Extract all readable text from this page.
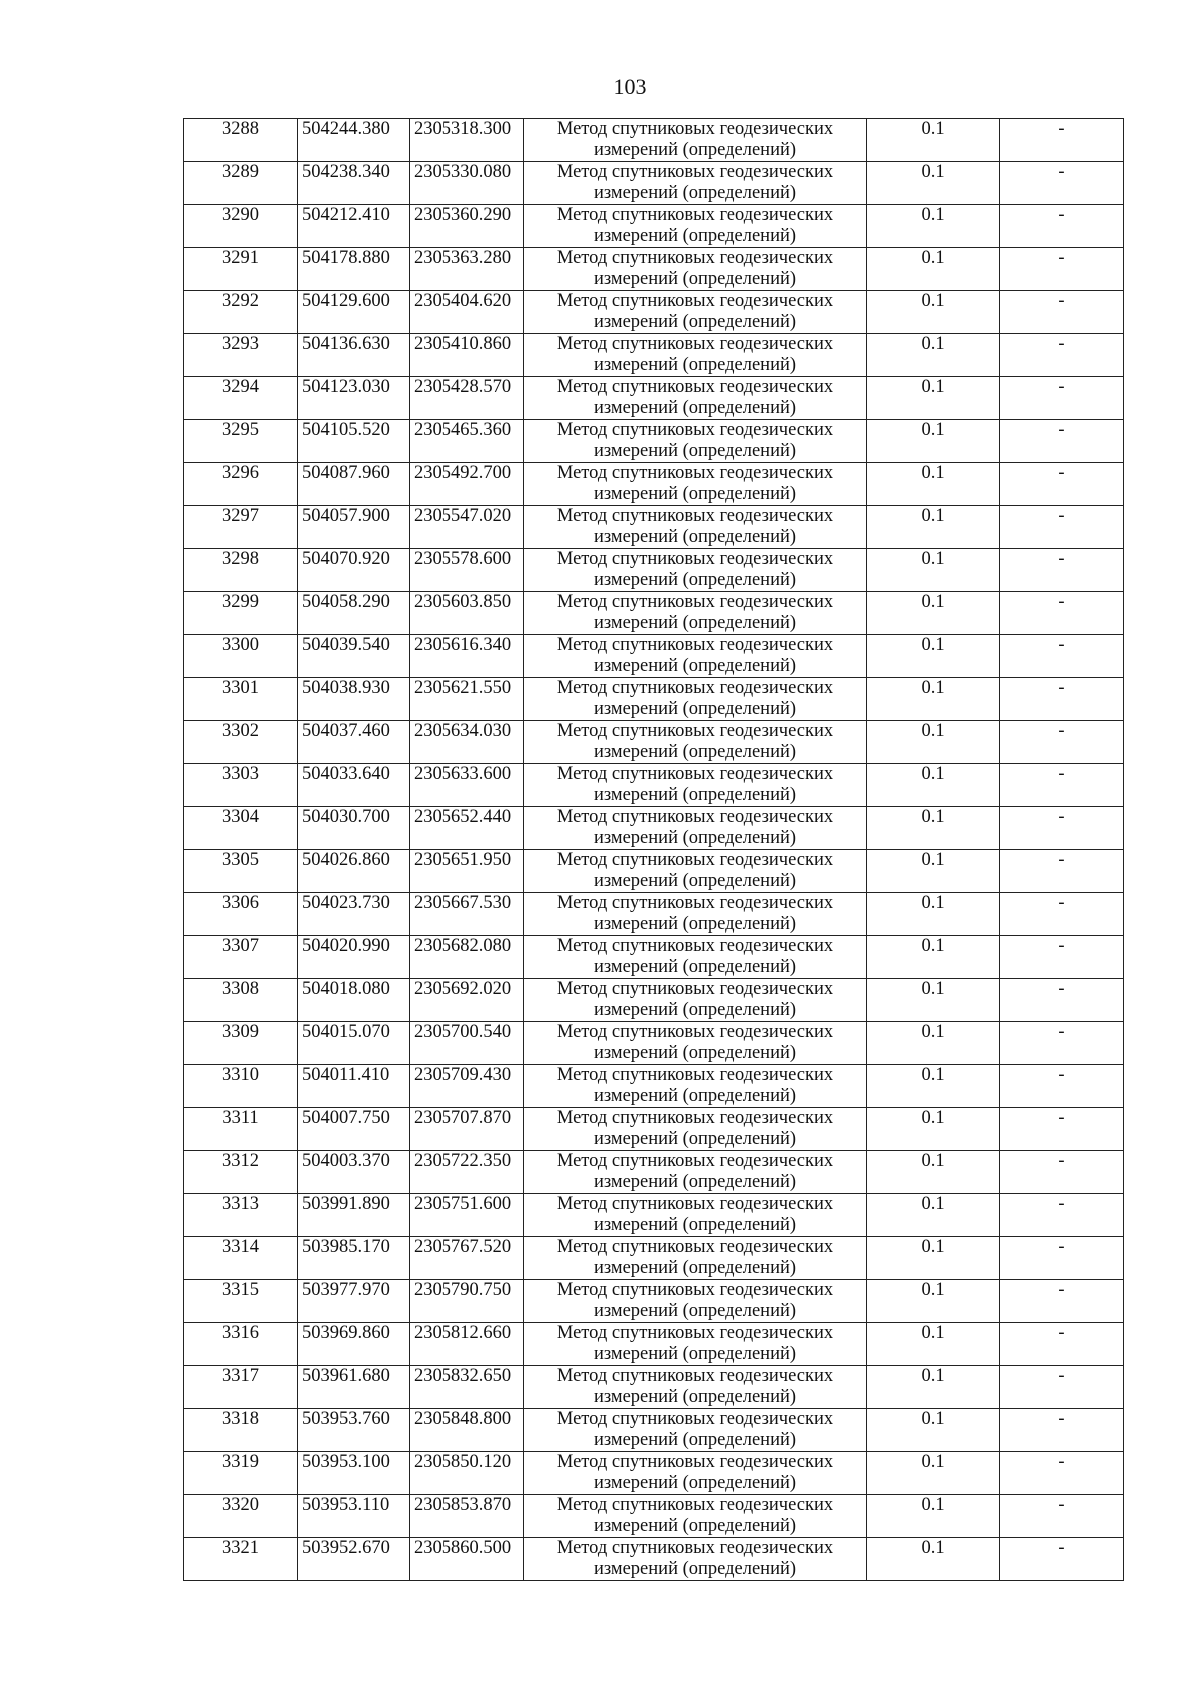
103
3288	504244.380	2305318.300	Метод спутниковых геодезических
измерений (определений)	0.1	-
3289	504238.340	2305330.080	Метод спутниковых геодезических
измерений (определений)	0.1	-
3290	504212.410	2305360.290	Метод спутниковых геодезических
измерений (определений)	0.1	-
3291	504178.880	2305363.280	Метод спутниковых геодезических
измерений (определений)	0.1	-
3292	504129.600	2305404.620	Метод спутниковых геодезических
измерений (определений)	0.1	-
3293	504136.630	2305410.860	Метод спутниковых геодезических
измерений (определений)	0.1	-
3294	504123.030	2305428.570	Метод спутниковых геодезических
измерений (определений)	0.1	-
3295	504105.520	2305465.360	Метод спутниковых геодезических
измерений (определений)	0.1	-
3296	504087.960	2305492.700	Метод спутниковых геодезических
измерений (определений)	0.1	-
3297	504057.900	2305547.020	Метод спутниковых геодезических
измерений (определений)	0.1	-
3298	504070.920	2305578.600	Метод спутниковых геодезических
измерений (определений)	0.1	-
3299	504058.290	2305603.850	Метод спутниковых геодезических
измерений (определений)	0.1	-
3300	504039.540	2305616.340	Метод спутниковых геодезических
измерений (определений)	0.1	-
3301	504038.930	2305621.550	Метод спутниковых геодезических
измерений (определений)	0.1	-
3302	504037.460	2305634.030	Метод спутниковых геодезических
измерений (определений)	0.1	-
3303	504033.640	2305633.600	Метод спутниковых геодезических
измерений (определений)	0.1	-
3304	504030.700	2305652.440	Метод спутниковых геодезических
измерений (определений)	0.1	-
3305	504026.860	2305651.950	Метод спутниковых геодезических
измерений (определений)	0.1	-
3306	504023.730	2305667.530	Метод спутниковых геодезических
измерений (определений)	0.1	-
3307	504020.990	2305682.080	Метод спутниковых геодезических
измерений (определений)	0.1	-
3308	504018.080	2305692.020	Метод спутниковых геодезических
измерений (определений)	0.1	-
3309	504015.070	2305700.540	Метод спутниковых геодезических
измерений (определений)	0.1	-
3310	504011.410	2305709.430	Метод спутниковых геодезических
измерений (определений)	0.1	-
3311	504007.750	2305707.870	Метод спутниковых геодезических
измерений (определений)	0.1	-
3312	504003.370	2305722.350	Метод спутниковых геодезических
измерений (определений)	0.1	-
3313	503991.890	2305751.600	Метод спутниковых геодезических
измерений (определений)	0.1	-
3314	503985.170	2305767.520	Метод спутниковых геодезических
измерений (определений)	0.1	-
3315	503977.970	2305790.750	Метод спутниковых геодезических
измерений (определений)	0.1	-
3316	503969.860	2305812.660	Метод спутниковых геодезических
измерений (определений)	0.1	-
3317	503961.680	2305832.650	Метод спутниковых геодезических
измерений (определений)	0.1	-
3318	503953.760	2305848.800	Метод спутниковых геодезических
измерений (определений)	0.1	-
3319	503953.100	2305850.120	Метод спутниковых геодезических
измерений (определений)	0.1	-
3320	503953.110	2305853.870	Метод спутниковых геодезических
измерений (определений)	0.1	-
3321	503952.670	2305860.500	Метод спутниковых геодезических
измерений (определений)	0.1	-
